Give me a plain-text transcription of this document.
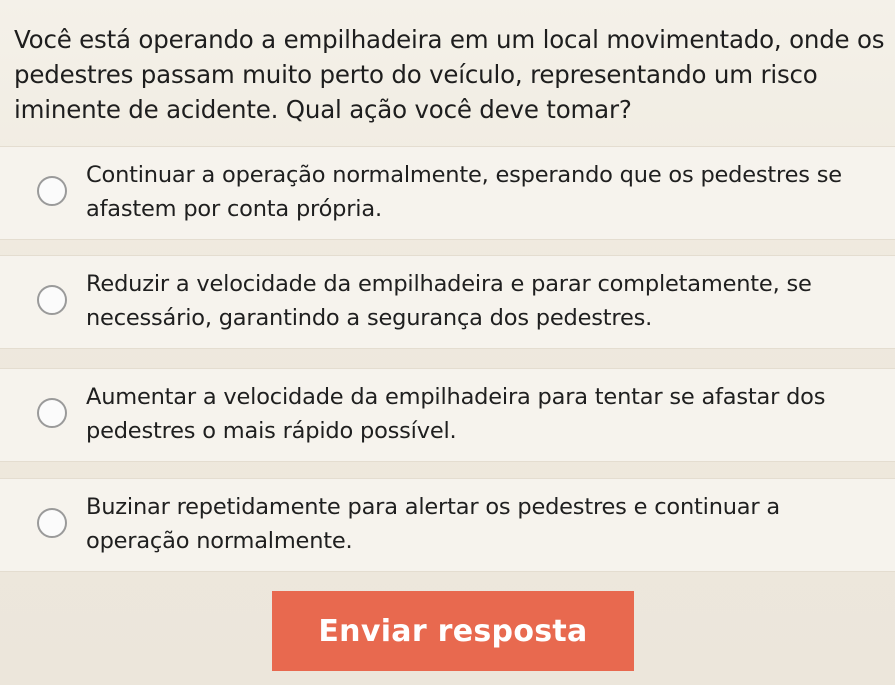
Você está operando a empilhadeira em um local movimentado, onde os pedestres passam muito perto do veículo, representando um risco iminente de acidente. Qual ação você deve tomar?
Continuar a operação normalmente, esperando que os pedestres se afastem por conta própria.
Reduzir a velocidade da empilhadeira e parar completamente, se necessário, garantindo a segurança dos pedestres.
Aumentar a velocidade da empilhadeira para tentar se afastar dos pedestres o mais rápido possível.
Buzinar repetidamente para alertar os pedestres e continuar a operação normalmente.
Enviar resposta
